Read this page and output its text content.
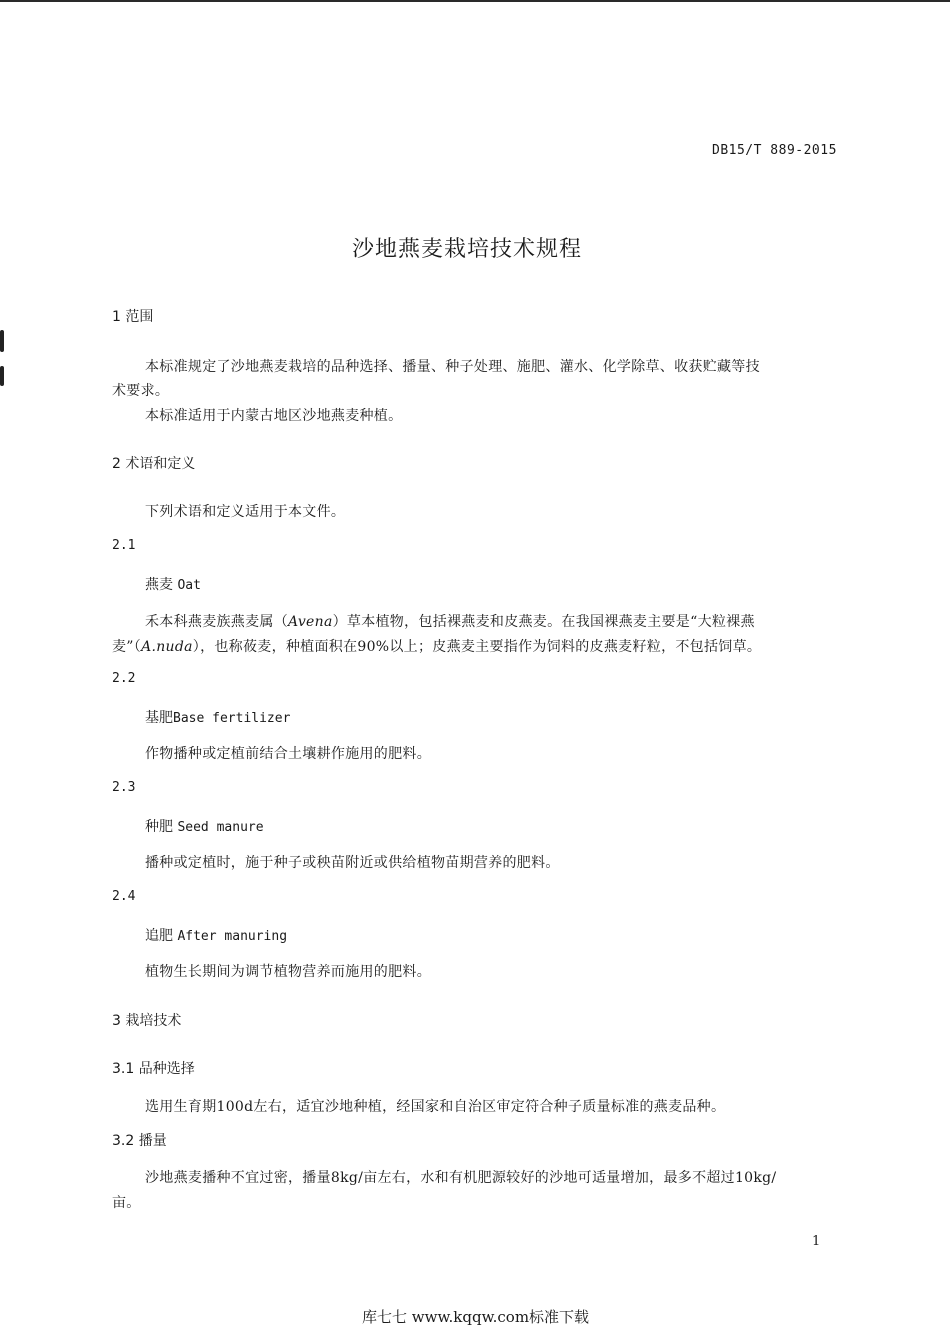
DB15/T 889-2015
沙地燕麦栽培技术规程
1 范围
本标准规定了沙地燕麦栽培的品种选择、播量、种子处理、施肥、灌水、化学除草、收获贮藏等技
术要求。
本标准适用于内蒙古地区沙地燕麦种植。
2 术语和定义
下列术语和定义适用于本文件。
2.1
燕麦 Oat
禾本科燕麦族燕麦属（Avena）草本植物，包括裸燕麦和皮燕麦。在我国裸燕麦主要是“大粒裸燕
麦”（A.nuda），也称莜麦，种植面积在90%以上；皮燕麦主要指作为饲料的皮燕麦籽粒，不包括饲草。
2.2
基肥Base fertilizer
作物播种或定植前结合土壤耕作施用的肥料。
2.3
种肥 Seed manure
播种或定植时，施于种子或秧苗附近或供给植物苗期营养的肥料。
2.4
追肥 After manuring
植物生长期间为调节植物营养而施用的肥料。
3 栽培技术
3.1 品种选择
选用生育期100d左右，适宜沙地种植，经国家和自治区审定符合种子质量标准的燕麦品种。
3.2 播量
沙地燕麦播种不宜过密，播量8kg/亩左右，水和有机肥源较好的沙地可适量增加，最多不超过10kg/
亩。
1
库七七 www.kqqw.com标准下载
